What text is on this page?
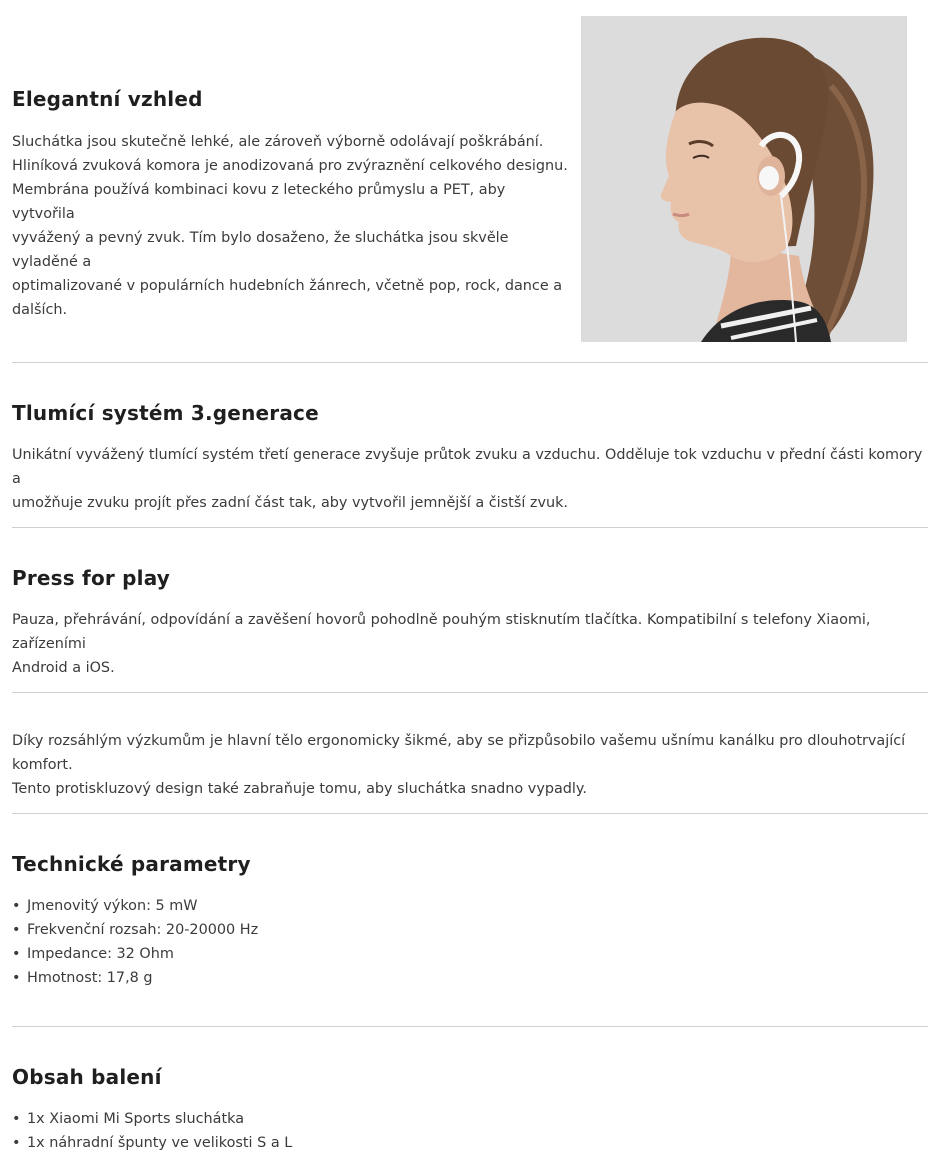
Elegantní vzhled

Sluchátka jsou skutečně lehké, ale zároveň výborně odolávají poškrábání.

Hliníková zvuková komora je anodizovaná pro zvýraznění celkového designu.

Membrána používá kombinaci kovu z leteckého průmyslu a PET, aby vytvořila

vyvážený a pevný zvuk. Tím bylo dosaženo, že sluchátka jsou skvěle vyladěné a

optimalizované v populárních hudebních žánrech, včetně pop, rock, dance a

dalších.

Tlumící systém 3.generace

Unikátní vyvážený tlumící systém třetí generace zvyšuje průtok zvuku a vzduchu. Odděluje tok vzduchu v přední části komory a

umožňuje zvuku projít přes zadní část tak, aby vytvořil jemnější a čistší zvuk.

Press for play

Pauza, přehrávání, odpovídání a zavěšení hovorů pohodlně pouhým stisknutím tlačítka. Kompatibilní s telefony Xiaomi, zařízeními

Android a iOS.

Díky rozsáhlým výzkumům je hlavní tělo ergonomicky šikmé, aby se přizpůsobilo vašemu ušnímu kanálku pro dlouhotrvající komfort.

Tento protiskluzový design také zabraňuje tomu, aby sluchátka snadno vypadly.

Technické parametry
• Jmenovitý výkon: 5 mW
• Frekvenční rozsah: 20-20000 Hz
• Impedance: 32 Ohm
• Hmotnost: 17,8 g
Obsah balení
• 1x Xiaomi Mi Sports sluchátka
• 1x náhradní špunty ve velikosti S a L
